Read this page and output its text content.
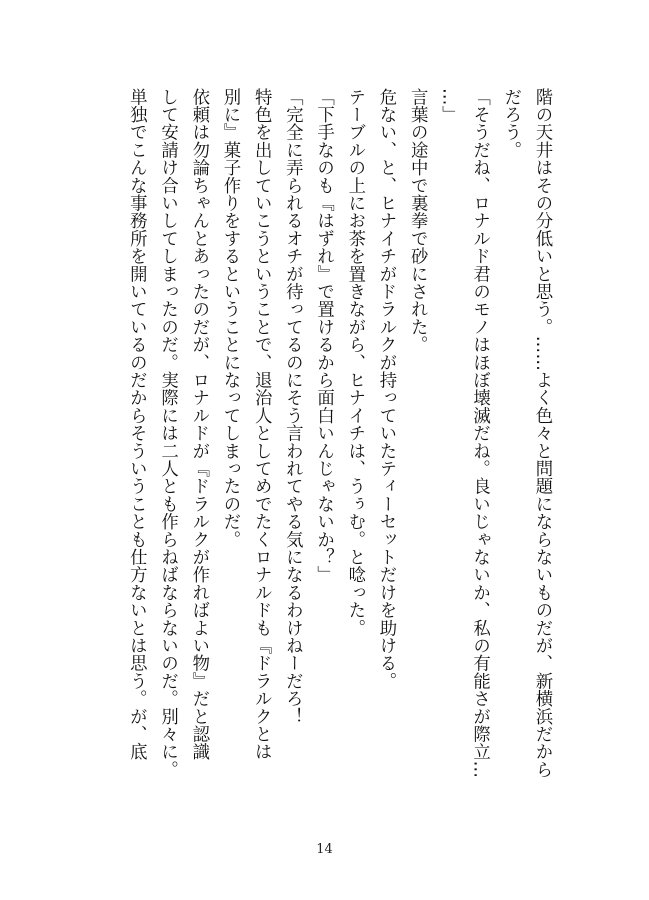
階の天井はその分低いと思う。……よく色々と問題にならないものだが、新横浜だから

だろう。

「そうだね、ロナルド君のモノはほぼ壊滅だね。良いじゃないか、私の有能さが際立…

…」

言葉の途中で裏拳で砂にされた。

危ない、と、ヒナイチがドラルクが持っていたティーセットだけを助ける。

テーブルの上にお茶を置きながら、ヒナイチは、うぅむ。と唸った。

「下手なのも『はずれ』で置けるから面白いんじゃないか？」

「完全に弄られるオチが待ってるのにそう言われてやる気になるわけねーだろ！

特色を出していこうということで、退治人としてめでたくロナルドも『ドラルクとは

別に』菓子作りをするということになってしまったのだ。

依頼は勿論ちゃんとあったのだが、ロナルドが『ドラルクが作ればよい物』だと認識

して安請け合いしてしまったのだ。実際には二人とも作らねばならないのだ。別々に。

単独でこんな事務所を開いているのだからそういうことも仕方ないとは思う。が、底

14
